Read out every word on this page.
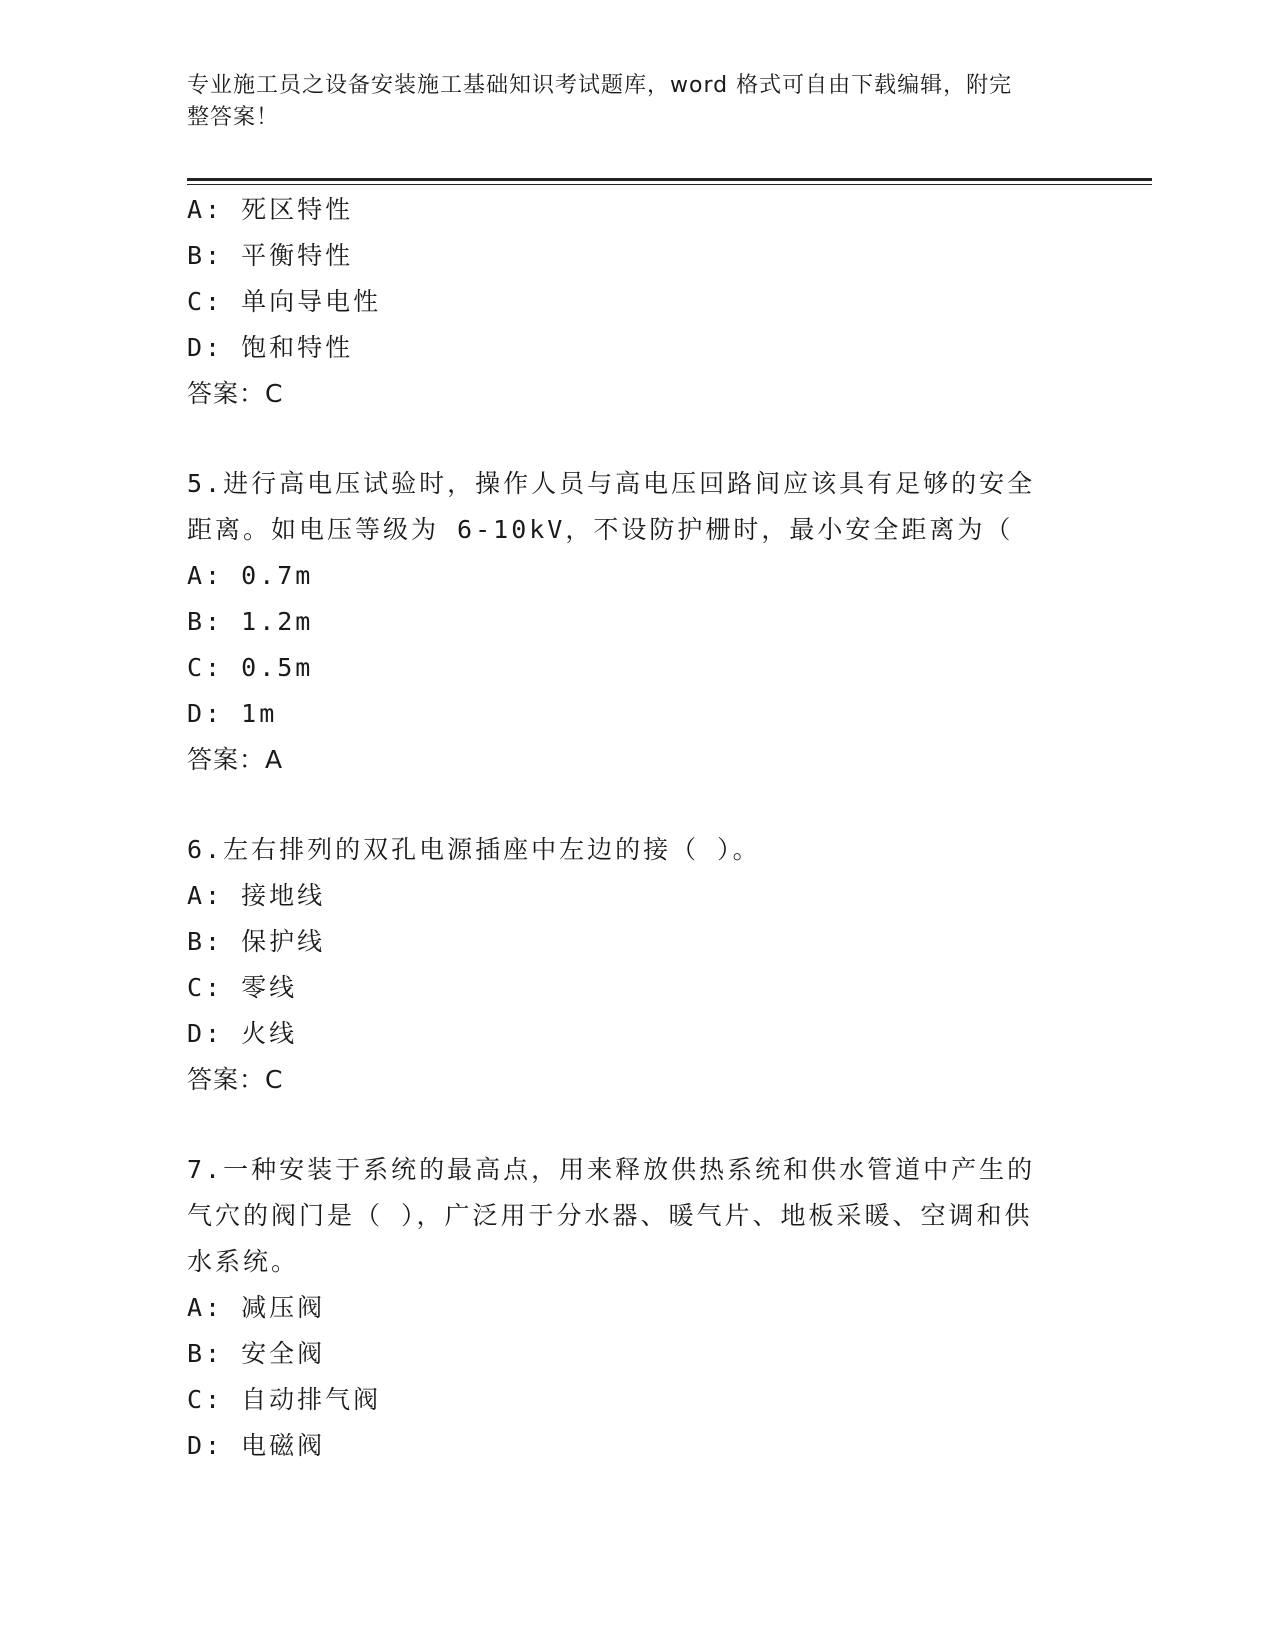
专业施工员之设备安装施工基础知识考试题库，word 格式可自由下载编辑，附完
整答案！
A: 死区特性
B: 平衡特性
C: 单向导电性
D: 饱和特性
答案：C
5.进行高电压试验时，操作人员与高电压回路间应该具有足够的安全
距离。如电压等级为 6-10kV，不设防护栅时，最小安全距离为（
A: 0.7m
B: 1.2m
C: 0.5m
D: 1m
答案：A
6.左右排列的双孔电源插座中左边的接（ ）。
A: 接地线
B: 保护线
C: 零线
D: 火线
答案：C
7.一种安装于系统的最高点，用来释放供热系统和供水管道中产生的
气穴的阀门是（ ），广泛用于分水器、暖气片、地板采暖、空调和供
水系统。
A: 减压阀
B: 安全阀
C: 自动排气阀
D: 电磁阀
